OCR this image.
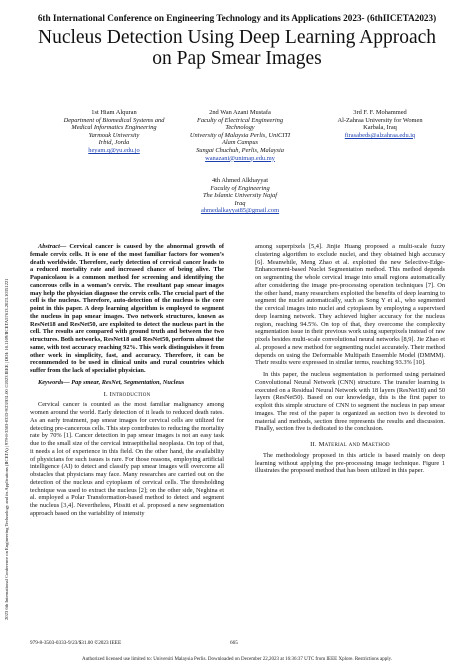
6th International Conference on Engineering Technology and its Applications 2023- (6thIICETA2023)
Nucleus Detection Using Deep Learning Approach
on Pap Smear Images
1st Hiam Alquran
Department of Biomedical Systems and
Medical Informatics Engineering
Yarmouk University
Irbid, Jorda
heyam.q@yu.edu.jo
2nd Wan Azani Mustafa
Faculty of Electrical Engineering
Technology
University of Malaysia Perlis, UniCITI
Alam Campus
Sungai Chuchuh, Perlis, Malaysia
wanazani@unimap.edu.my
3rd F. F. Mohammed
Al-Zahraa University for Women
Karbala, Iraq
firasabeds@alzahraa.edu.iq
4th Ahmed Alkhayyat
Faculty of Engineering
The Islamic University Najaf
Iraq
ahmedalkayyat85@gmail.com
2023 6th International Conference on Engineering Technology and its Applications (IICETA) | 979-8-3503-0333-9/23/$31.00 ©2023 IEEE | DOI: 10.1109/IICETA57613.2023.10351221

Abstract— Cervical cancer is caused by the abnormal growth of female cervix cells. It is one of the most familiar factors for women’s death worldwide. Therefore, early detection of cervical cancer leads to a reduced mortality rate and increased chance of being alive. The Papanicolaou is a common method for screening and identifying the cancerous cells in a woman’s cervix. The resultant pap smear images may help the physician diagnose the cervix cells. The crucial part of the cell is the nucleus. Therefore, auto-detection of the nucleus is the core point in this paper. A deep learning algorithm is employed to segment the nucleus in pap smear images. Two network structures, known as ResNet18 and ResNet50, are exploited to detect the nucleus part in the cell. The results are compared with ground truth and between the two structures. Both networks, ResNet18 and ResNet50, perform almost the same, with test accuracy reaching 92%. This work distinguishes it from other work in simplicity, fast, and accuracy. Therefore, it can be recommended to be used in clinical units and rural countries which suffer from the lack of specialist physician.

Keywords— Pap smear, ResNet, Segmentation, Nucleus

I. Introduction

Cervical cancer is counted as the most familiar malignancy among women around the world. Early detection of it leads to reduced death rates. As an early treatment, pap smear images for cervical cells are utilized for detecting pre-cancerous cells. This step contributes to reducing the mortality rate by 70% [1]. Cancer detection in pap smear images is not an easy task due to the small size of the cervical intraepithelial neoplasia. On top of that, it needs a lot of experience in this field. On the other hand, the availability of physicians for such issues is rare. For those reasons, employing artificial intelligence (AI) to detect and classify pap smear images will overcome all obstacles that physicians may face. Many researches are carried out on the detection of the nucleus and cytoplasm of cervical cells. The thresholding technique was used to extract the nucleus [2]; on the other side, Neghina et al. employed a Polar Transformation-based method to detect and segment the nucleus [3,4]. Nevertheless, Plissiti et al. proposed a new segmentation approach based on the variability of intensity

among superpixels [5,4]. Jinjie Huang proposed a multi-scale fuzzy clustering algorithm to exclude nuclei, and they obtained high accuracy [6]. Meanwhile, Meng Zhao et al. exploited the new Selective-Edge-Enhancement-based Nuclei Segmentation method. This method depends on segmenting the whole cervical image into small regions automatically after considering the image pre-processing operation techniques [7]. On the other hand, many researchers exploited the benefits of deep learning to segment the nuclei automatically, such as Song Y et al., who segmented the cervical images into nuclei and cytoplasm by employing a supervised deep learning network. They achieved higher accuracy for the nucleus region, reaching 94.5%. On top of that, they overcome the complexity segmentation issue in their previous work using superpixels instead of raw pixels besides multi-scale convolutional neural networks [8,9]. Jie Zhao et al. proposed a new method for segmenting nuclei accurately. Their method depends on using the Deformable Multipath Ensemble Model (DMMM). Their results were expressed in similar terms, reaching 93.3% [10].

In this paper, the nucleus segmentation is performed using pertained Convolutional Neural Network (CNN) structure. The transfer learning is executed on a Residual Neural Network with 18 layers (ResNet18) and 50 layers (ResNet50). Based on our knowledge, this is the first paper to exploit this simple structure of CNN to segment the nucleus in pap smear images. The rest of the paper is organized as section two is devoted to material and methods, section three represents the results and discussion. Finally, section five is dedicated to the conclusion.

II. Material and Maethod

The methodology proposed in this article is based mainly on deep learning without applying the pre-processing image technique. Figure 1 illustrates the proposed method that has been utilized in this paper.

979-8-3503-0333-9/23/$31.00 ©2023 IEEE	665
Authorized licensed use limited to: Universiti Malaysia Perlis. Downloaded on December 22,2023 at 16:36:37 UTC from IEEE Xplore. Restrictions apply.
